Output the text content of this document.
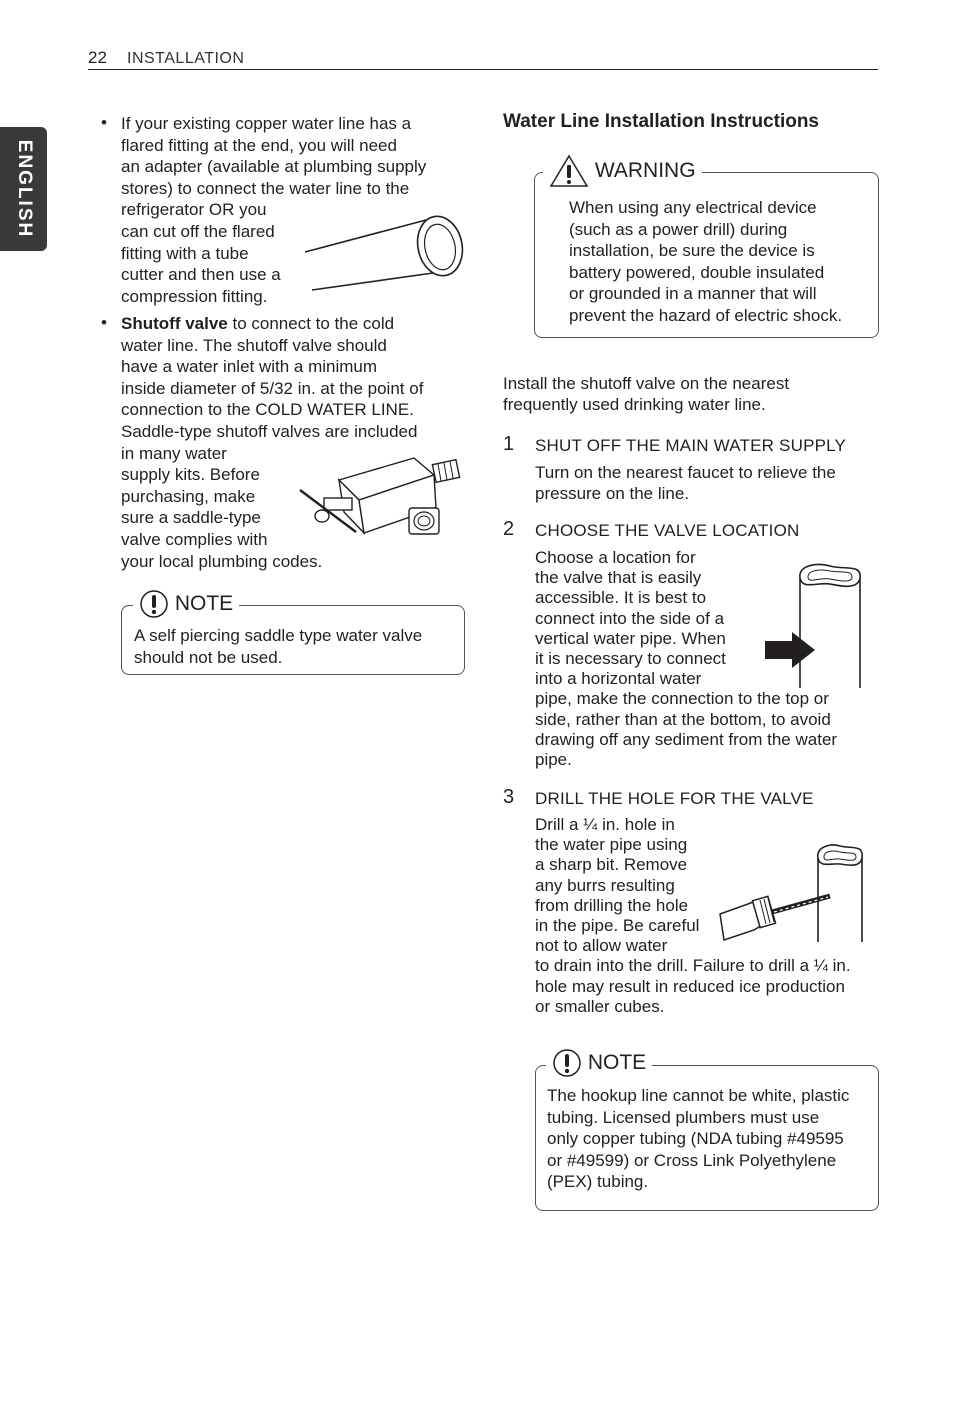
22 INSTALLATION
ENGLISH
• If your existing copper water line has a
flared fitting at the end, you will need
an adapter (available at plumbing supply
stores) to connect the water line to the
refrigerator OR you
can cut off the flared
fitting with a tube
cutter and then use a
compression fitting.
• Shutoff valve to connect to the cold
water line. The shutoff valve should
have a water inlet with a minimum
inside diameter of 5/32 in. at the point of
connection to the COLD WATER LINE.
Saddle-type shutoff valves are included
in many water
supply kits. Before
purchasing, make
sure a saddle-type
valve complies with
your local plumbing codes.
NOTE
A self piercing saddle type water valve
should not be used.
Water Line Installation Instructions
WARNING
When using any electrical device
(such as a power drill) during
installation, be sure the device is
battery powered, double insulated
or grounded in a manner that will
prevent the hazard of electric shock.
Install the shutoff valve on the nearest
frequently used drinking water line.
1 SHUT OFF THE MAIN WATER SUPPLY
Turn on the nearest faucet to relieve the
pressure on the line.
2 CHOOSE THE VALVE LOCATION
Choose a location for
the valve that is easily
accessible. It is best to
connect into the side of a
vertical water pipe. When
it is necessary to connect
into a horizontal water
pipe, make the connection to the top or
side, rather than at the bottom, to avoid
drawing off any sediment from the water
pipe.
3 DRILL THE HOLE FOR THE VALVE
Drill a ¼ in. hole in
the water pipe using
a sharp bit. Remove
any burrs resulting
from drilling the hole
in the pipe. Be careful
not to allow water
to drain into the drill. Failure to drill a ¼ in.
hole may result in reduced ice production
or smaller cubes.
NOTE
The hookup line cannot be white, plastic
tubing. Licensed plumbers must use
only copper tubing (NDA tubing #49595
or #49599) or Cross Link Polyethylene
(PEX) tubing.
